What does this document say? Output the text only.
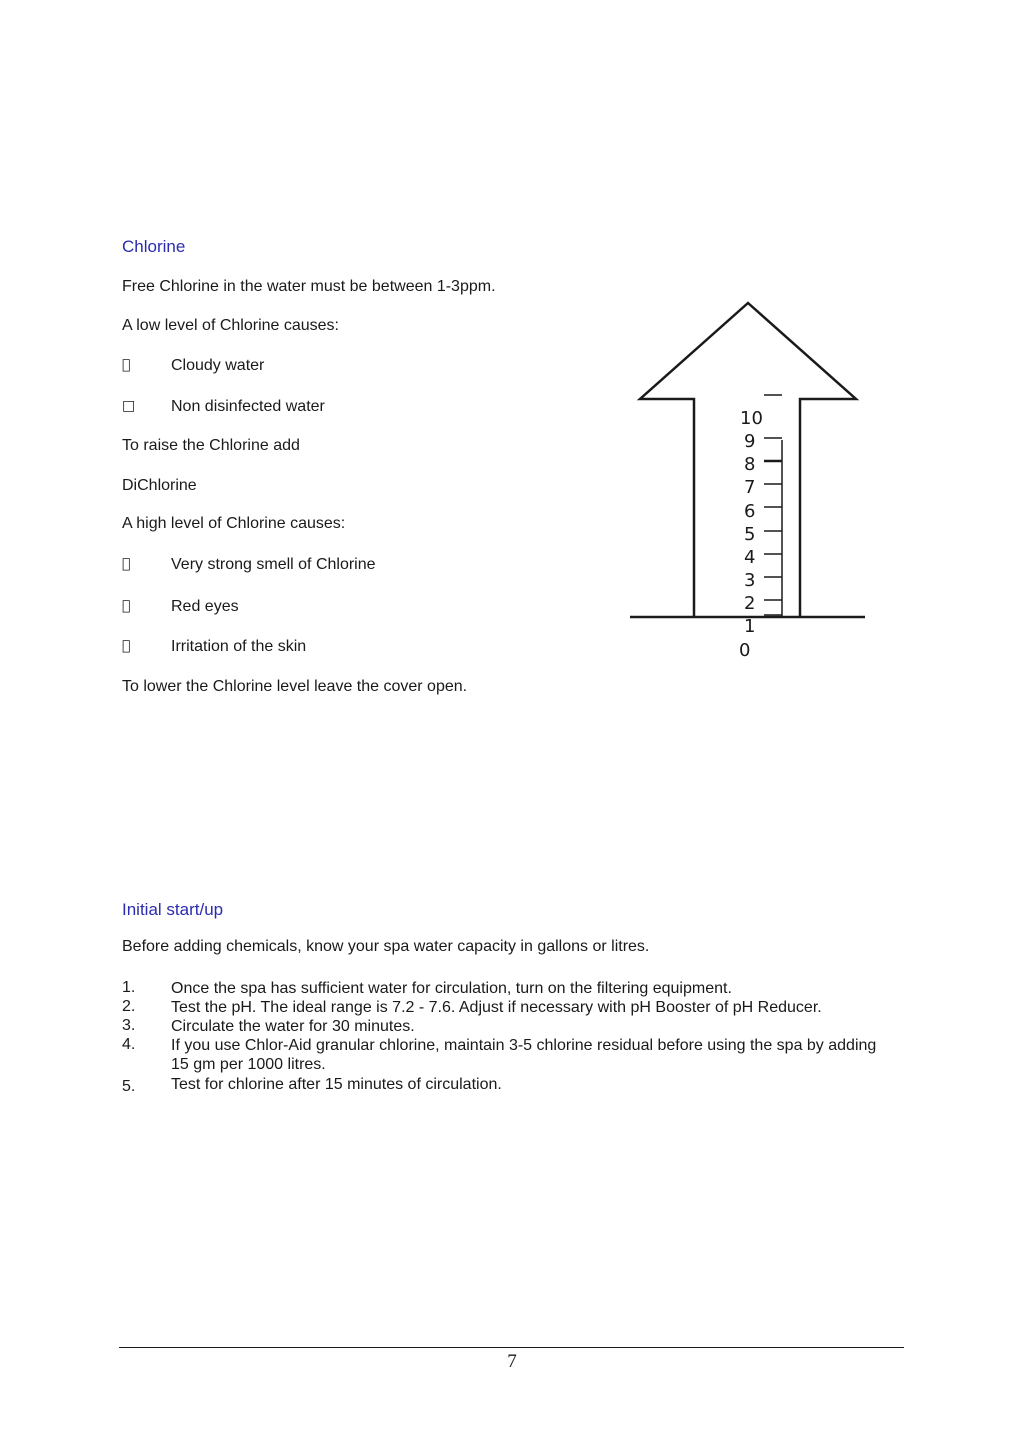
Chlorine
Free Chlorine in the water must be between 1-3ppm.
A low level of Chlorine causes:
Cloudy water
□ Non disinfected water
To raise the Chlorine add
DiChlorine
A high level of Chlorine causes:
Very strong smell of Chlorine
Red eyes
Irritation of the skin
To lower the Chlorine level leave the cover open.
10
9
8
7
6
5
4
3
2
1
0
Initial start/up
Before adding chemicals, know your spa water capacity in gallons or litres.
1. Once the spa has sufficient water for circulation, turn on the filtering equipment.
2. Test the pH. The ideal range is 7.2 - 7.6. Adjust if necessary with pH Booster of pH Reducer.
3. Circulate the water for 30 minutes.
4. If you use Chlor-Aid granular chlorine, maintain 3-5 chlorine residual before using the spa by adding 15 gm per 1000 litres.
5. Test for chlorine after 15 minutes of circulation.
7
